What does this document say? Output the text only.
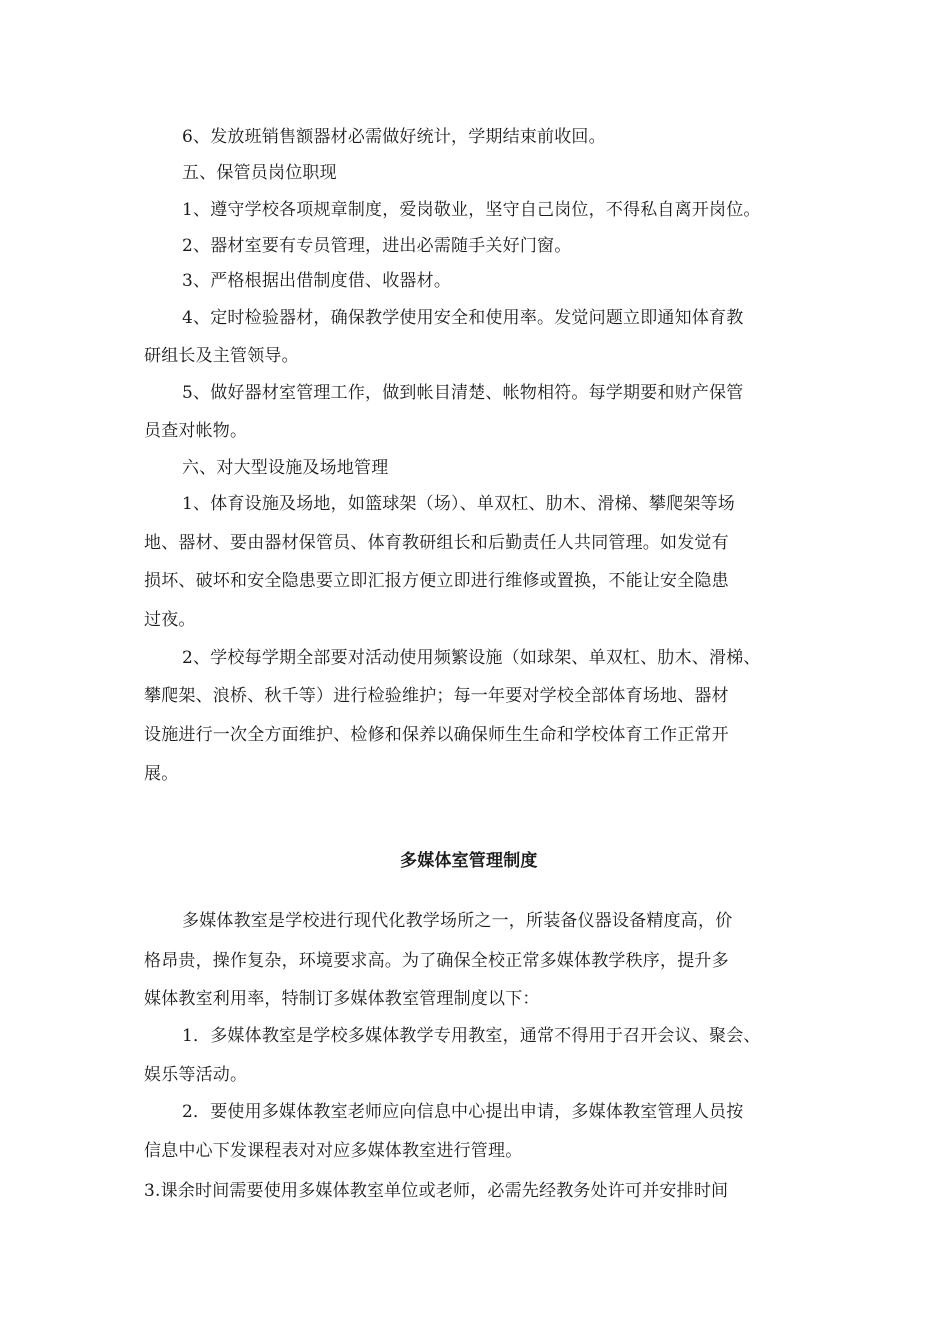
6、发放班销售额器材必需做好统计，学期结束前收回。
五、保管员岗位职现
1、遵守学校各项规章制度，爱岗敬业，坚守自己岗位，不得私自离开岗位。
2、器材室要有专员管理，进出必需随手关好门窗。
3、严格根据出借制度借、收器材。
4、定时检验器材，确保教学使用安全和使用率。发觉问题立即通知体育教
研组长及主管领导。
5、做好器材室管理工作，做到帐目清楚、帐物相符。每学期要和财产保管
员查对帐物。
六、对大型设施及场地管理
1、体育设施及场地，如篮球架（场）、单双杠、肋木、滑梯、攀爬架等场
地、器材、要由器材保管员、体育教研组长和后勤责任人共同管理。如发觉有
损坏、破坏和安全隐患要立即汇报方便立即进行维修或置换，不能让安全隐患
过夜。
2、学校每学期全部要对活动使用频繁设施（如球架、单双杠、肋木、滑梯、
攀爬架、浪桥、秋千等）进行检验维护；每一年要对学校全部体育场地、器材
设施进行一次全方面维护、检修和保养以确保师生生命和学校体育工作正常开
展。
多媒体室管理制度
多媒体教室是学校进行现代化教学场所之一，所装备仪器设备精度高，价
格昂贵，操作复杂，环境要求高。为了确保全校正常多媒体教学秩序，提升多
媒体教室利用率，特制订多媒体教室管理制度以下：
1．多媒体教室是学校多媒体教学专用教室，通常不得用于召开会议、聚会、
娱乐等活动。
2．要使用多媒体教室老师应向信息中心提出申请，多媒体教室管理人员按
信息中心下发课程表对对应多媒体教室进行管理。
3.课余时间需要使用多媒体教室单位或老师，必需先经教务处许可并安排时间
